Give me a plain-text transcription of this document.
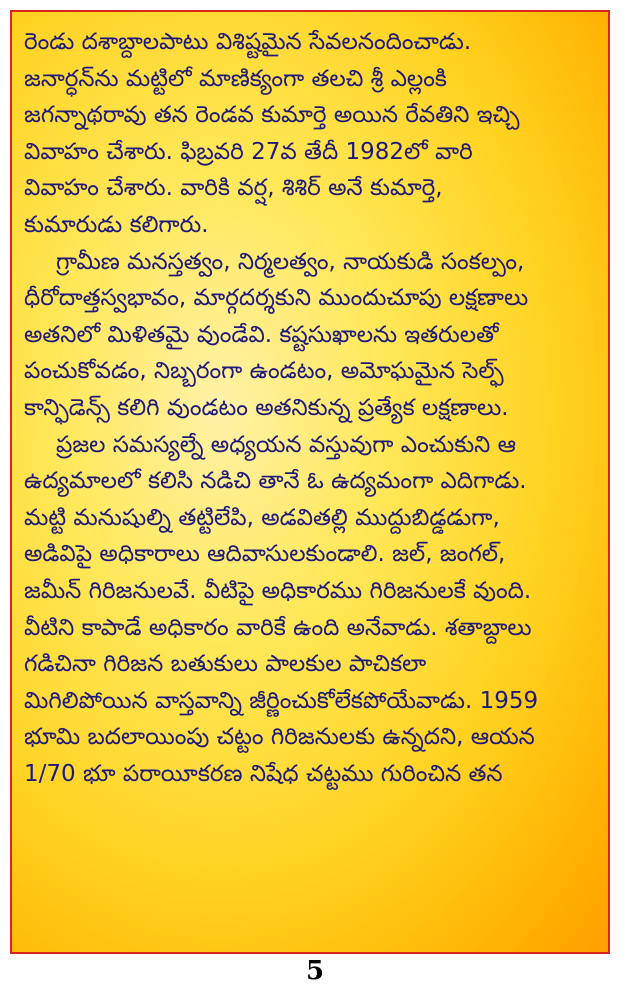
రెండు దశాబ్దాలపాటు విశిష్టమైన సేవలనందించాడు.
జనార్ధన్‌ను మట్టిలో మాణిక్యంగా తలచి శ్రీ ఎల్లంకి
జగన్నాథరావు తన రెండవ కుమార్తె అయిన రేవతిని ఇచ్చి
వివాహం చేశారు. ఫిబ్రవరి 27వ తేదీ 1982లో వారి
వివాహం చేశారు. వారికి వర్ష, శిశిర్ అనే కుమార్తె,
కుమారుడు కలిగారు.

గ్రామీణ మనస్తత్వం, నిర్మలత్వం, నాయకుడి సంకల్పం,
ధీరోదాత్తస్వభావం, మార్గదర్శకుని ముందుచూపు లక్షణాలు
అతనిలో మిళితమై వుండేవి. కష్టసుఖాలను ఇతరులతో
పంచుకోవడం, నిబ్బరంగా ఉండటం, అమోఘమైన సెల్ఫ్
కాన్ఫిడెన్స్ కలిగి వుండటం అతనికున్న ప్రత్యేక లక్షణాలు.

ప్రజల సమస్యల్నే అధ్యయన వస్తువుగా ఎంచుకుని ఆ
ఉద్యమాలలో కలిసి నడిచి తానే ఓ ఉద్యమంగా ఎదిగాడు.
మట్టి మనుషుల్ని తట్టిలేపి, అడవితల్లి ముద్దుబిడ్డడుగా,
అడివిపై అధికారాలు ఆదివాసులకుండాలి. జల్, జంగల్,
జమీన్ గిరిజనులవే. వీటిపై అధికారము గిరిజనులకే వుంది.
వీటిని కాపాడే అధికారం వారికే ఉంది అనేవాడు. శతాబ్దాలు
గడిచినా గిరిజన బతుకులు పాలకుల పాచికలా
మిగిలిపోయిన వాస్తవాన్ని జీర్ణించుకోలేకపోయేవాడు. 1959
భూమి బదలాయింపు చట్టం గిరిజనులకు ఉన్నదని, ఆయన
1/70 భూ పరాయీకరణ నిషేధ చట్టము గురించిన తన

5
